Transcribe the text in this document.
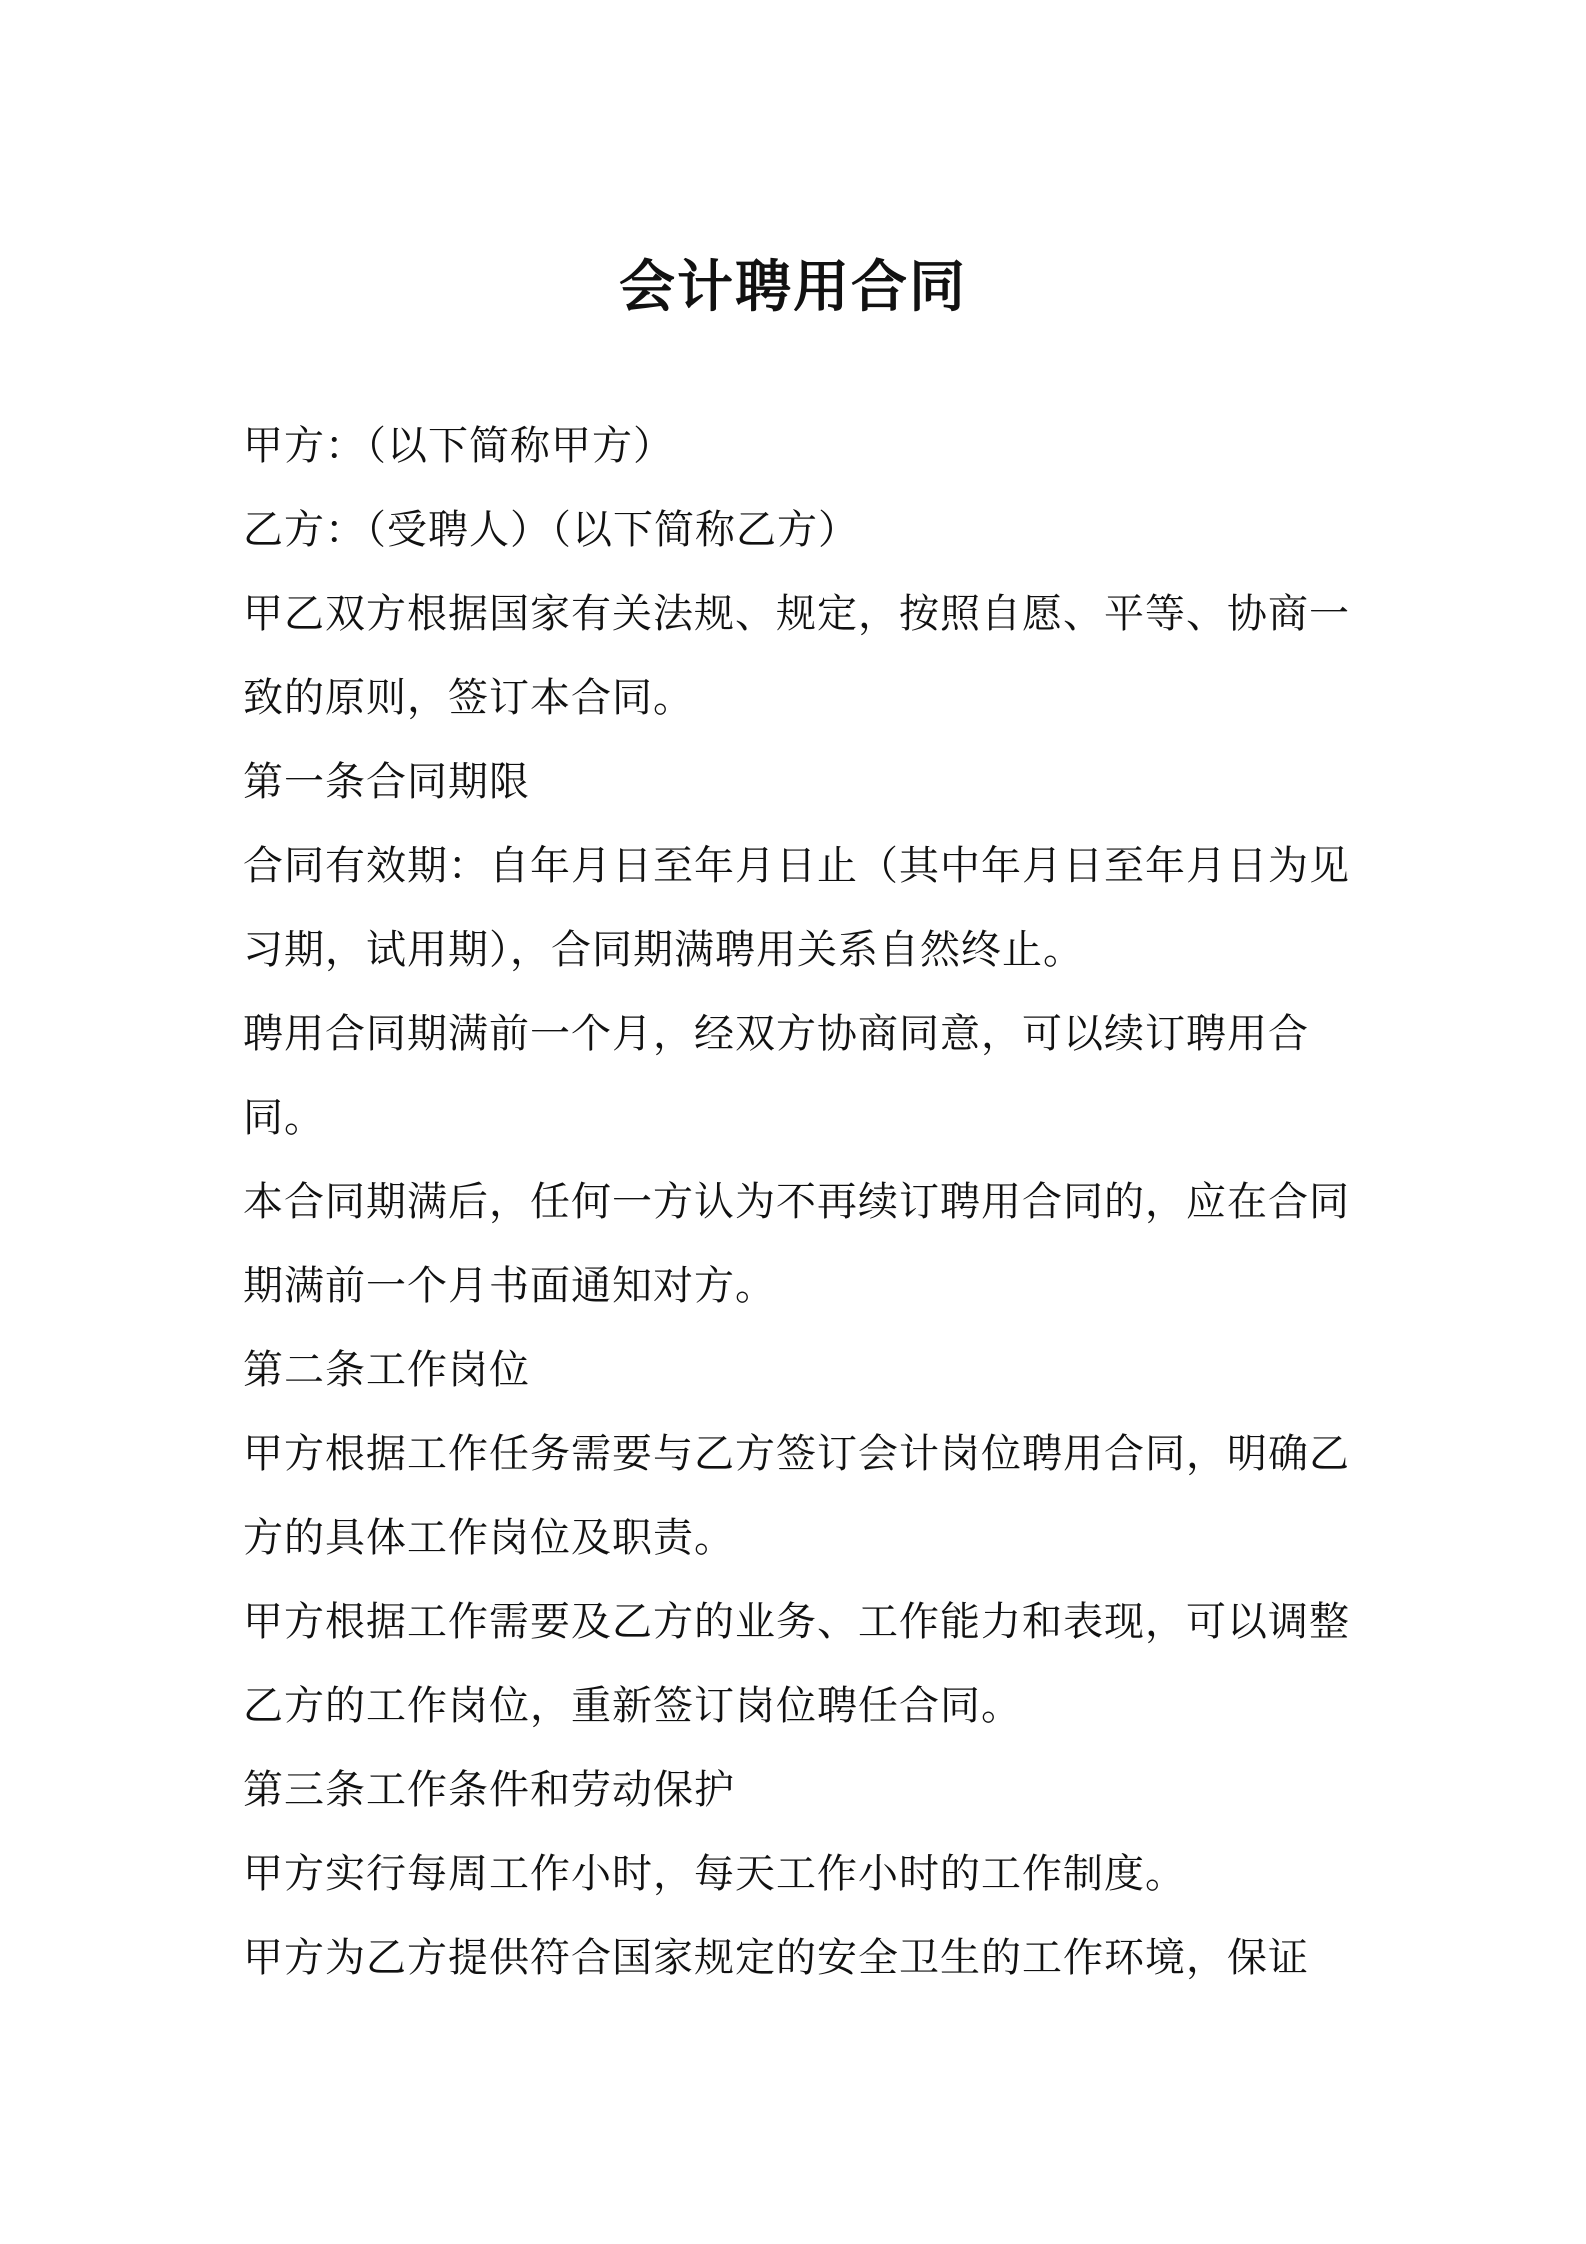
会计聘用合同

甲方：（以下简称甲方）

乙方：（受聘人）（以下简称乙方）

甲乙双方根据国家有关法规、规定，按照自愿、平等、协商一致的原则，签订本合同。

第一条合同期限

合同有效期：自年月日至年月日止（其中年月日至年月日为见习期，试用期），合同期满聘用关系自然终止。

聘用合同期满前一个月，经双方协商同意，可以续订聘用合同。

本合同期满后，任何一方认为不再续订聘用合同的，应在合同期满前一个月书面通知对方。

第二条工作岗位

甲方根据工作任务需要与乙方签订会计岗位聘用合同，明确乙方的具体工作岗位及职责。

甲方根据工作需要及乙方的业务、工作能力和表现，可以调整乙方的工作岗位，重新签订岗位聘任合同。

第三条工作条件和劳动保护

甲方实行每周工作小时，每天工作小时的工作制度。

甲方为乙方提供符合国家规定的安全卫生的工作环境，保证
